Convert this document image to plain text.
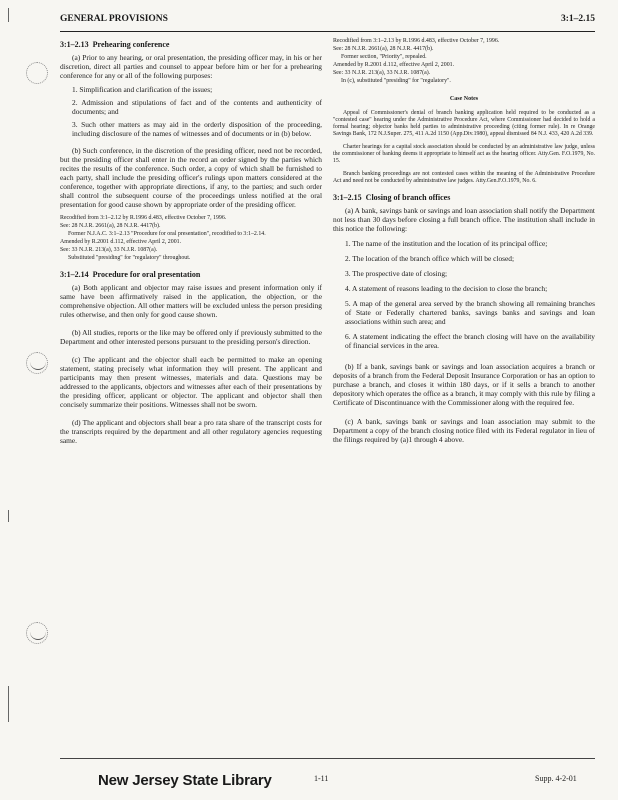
GENERAL PROVISIONS	3:1–2.15
3:1–2.13 Prehearing conference
(a) Prior to any hearing, or oral presentation, the presiding officer may, in his or her discretion, direct all parties and counsel to appear before him or her for a prehearing conference for any or all of the following purposes:
1. Simplification and clarification of the issues;
2. Admission and stipulations of fact and of the contents and authenticity of documents; and
3. Such other matters as may aid in the orderly disposition of the proceeding, including disclosure of the names of witnesses and of documents or in (b) below.
(b) Such conference, in the discretion of the presiding officer, need not be recorded, but the presiding officer shall enter in the record an order signed by the parties which recites the results of the conference. Such order, a copy of which shall be furnished to each party, shall include the presiding officer's rulings upon matters considered at the conference, together with appropriate directions, if any, to the parties; and such order shall control the subsequent course of the proceedings unless notified at the oral presentation for good cause shown by appropriate order of the presiding officer.
Recodified from 3:1–2.12 by R.1996 d.483, effective October 7, 1996.
See: 28 N.J.R. 2661(a), 28 N.J.R. 4417(b).
Former N.J.A.C. 3:1–2.13 "Procedure for oral presentation", recodified to 3:1–2.14.
Amended by R.2001 d.112, effective April 2, 2001.
See: 33 N.J.R. 213(a), 33 N.J.R. 1087(a).
Substituted "presiding" for "regulatory" throughout.
3:1–2.14 Procedure for oral presentation
(a) Both applicant and objector may raise issues and present information only if same have been affirmatively raised in the application, the objection, or the comprehensive objection. All other matters will be excluded unless the person presiding rules otherwise, and then only for good cause shown.
(b) All studies, reports or the like may be offered only if previously submitted to the Department and other interested persons pursuant to the presiding person's direction.
(c) The applicant and the objector shall each be permitted to make an opening statement, stating precisely what information they will present. The applicant and participants may then present witnesses, materials and data. Questions may be addressed to the applicants, objectors and witnesses after each of their presentations by the presiding officer, applicant or objector. The applicant and objector shall then concisely summarize their positions. Witnesses shall not be sworn.
(d) The applicant and objectors shall bear a pro rata share of the transcript costs for the transcripts required by the department and all other regulatory agencies requesting same.
Recodified from 3:1–2.13 by R.1996 d.483, effective October 7, 1996.
See: 28 N.J.R. 2661(a), 28 N.J.R. 4417(b).
Former section, "Priority", repealed.
Amended by R.2001 d.112, effective April 2, 2001.
See: 33 N.J.R. 213(a), 33 N.J.R. 1087(a).
In (c), substituted "presiding" for "regulatory".
Case Notes
Appeal of Commissioner's denial of branch banking application held required to be conducted as a "contested case" hearing under the Administrative Procedure Act, where Commissioner had decided to hold a formal hearing; objector banks held parties to administrative proceeding (citing former rule). In re Orange Savings Bank, 172 N.J.Super. 275, 411 A.2d 1150 (App.Div.1980), appeal dismissed 84 N.J. 433, 420 A.2d 339.
Charter hearings for a capital stock association should be conducted by an administrative law judge, unless the commissioner of banking deems it appropriate to himself act as the hearing officer. Atty.Gen. F.O.1979, No. 15.
Branch banking proceedings are not contested cases within the meaning of the Administrative Procedure Act and need not be conducted by administrative law judges. Atty.Gen.F.O.1979, No. 6.
3:1–2.15 Closing of branch offices
(a) A bank, savings bank or savings and loan association shall notify the Department not less than 30 days before closing a full branch office. The institution shall include in this notice the following:
1. The name of the institution and the location of its principal office;
2. The location of the branch office which will be closed;
3. The prospective date of closing;
4. A statement of reasons leading to the decision to close the branch;
5. A map of the general area served by the branch showing all remaining branches of State or Federally chartered banks, savings banks and savings and loan associations within such area; and
6. A statement indicating the effect the branch closing will have on the availability of financial services in the area.
(b) If a bank, savings bank or savings and loan association acquires a branch or deposits of a branch from the Federal Deposit Insurance Corporation or has an option to purchase a branch, and closes it within 180 days, or if it sells a branch to another depository which operates the office as a branch, it may comply with this rule by filing a Certificate of Discontinuance with the Commissioner along with the required fee.
(c) A bank, savings bank or savings and loan association may submit to the Department a copy of the branch closing notice filed with its Federal regulator in lieu of the filings required by (a)1 through 4 above.
New Jersey State Library	1-11	Supp. 4-2-01
